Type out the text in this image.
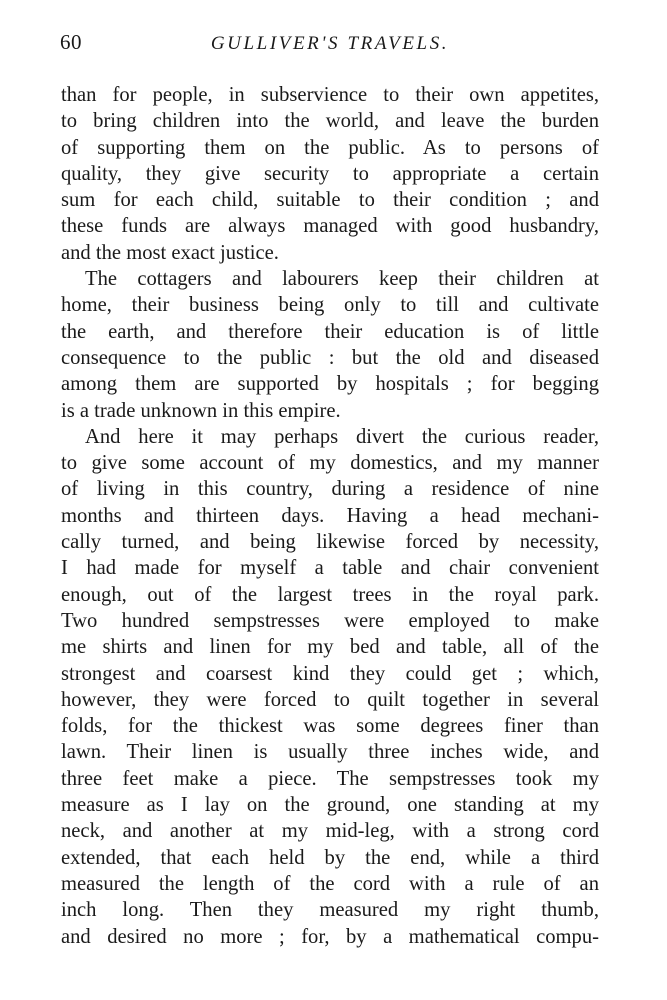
60	GULLIVER'S TRAVELS.
than for people, in subservience to their own appetites,
to bring children into the world, and leave the burden
of supporting them on the public. As to persons of
quality, they give security to appropriate a certain
sum for each child, suitable to their condition ; and
these funds are always managed with good husbandry,
and the most exact justice.
The cottagers and labourers keep their children at
home, their business being only to till and cultivate
the earth, and therefore their education is of little
consequence to the public : but the old and diseased
among them are supported by hospitals ; for begging
is a trade unknown in this empire.
And here it may perhaps divert the curious reader,
to give some account of my domestics, and my manner
of living in this country, during a residence of nine
months and thirteen days. Having a head mechani-
cally turned, and being likewise forced by necessity,
I had made for myself a table and chair convenient
enough, out of the largest trees in the royal park.
Two hundred sempstresses were employed to make
me shirts and linen for my bed and table, all of the
strongest and coarsest kind they could get ; which,
however, they were forced to quilt together in several
folds, for the thickest was some degrees finer than
lawn. Their linen is usually three inches wide, and
three feet make a piece. The sempstresses took my
measure as I lay on the ground, one standing at my
neck, and another at my mid-leg, with a strong cord
extended, that each held by the end, while a third
measured the length of the cord with a rule of an
inch long. Then they measured my right thumb,
and desired no more ; for, by a mathematical compu-
